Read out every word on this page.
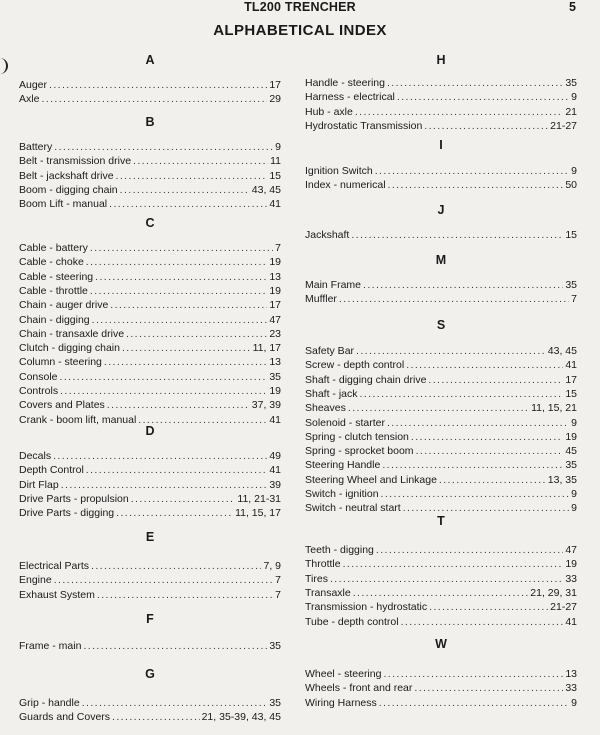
TL200 TRENCHER	5
ALPHABETICAL INDEX
A
Auger .....	17
Axle .....	29
B
Battery .....	9
Belt - transmission drive .....	11
Belt - jackshaft drive .....	15
Boom - digging chain .....	43, 45
Boom Lift - manual .....	41
C
Cable - battery .....	7
Cable - choke .....	19
Cable - steering .....	13
Cable - throttle .....	19
Chain - auger drive .....	17
Chain - digging .....	47
Chain - transaxle drive .....	23
Clutch - digging chain .....	11, 17
Column - steering .....	13
Console .....	35
Controls .....	19
Covers and Plates .....	37, 39
Crank - boom lift, manual .....	41
D
Decals .....	49
Depth Control .....	41
Dirt Flap .....	39
Drive Parts - propulsion .....	11, 21-31
Drive Parts - digging .....	11, 15, 17
E
Electrical Parts .....	7, 9
Engine .....	7
Exhaust System .....	7
F
Frame - main .....	35
G
Grip - handle .....	35
Guards and Covers .....	21, 35-39, 43, 45
H
Handle - steering .....	35
Harness - electrical .....	9
Hub - axle .....	21
Hydrostatic Transmission .....	21-27
I
Ignition Switch .....	9
Index - numerical .....	50
J
Jackshaft .....	15
M
Main Frame .....	35
Muffler .....	7
S
Safety Bar .....	43, 45
Screw - depth control .....	41
Shaft - digging chain drive .....	17
Shaft - jack .....	15
Sheaves .....	11, 15, 21
Solenoid - starter .....	9
Spring - clutch tension .....	19
Spring - sprocket boom .....	45
Steering Handle .....	35
Steering Wheel and Linkage .....	13, 35
Switch - ignition .....	9
Switch - neutral start .....	9
T
Teeth - digging .....	47
Throttle .....	19
Tires .....	33
Transaxle .....	21, 29, 31
Transmission - hydrostatic .....	21-27
Tube - depth control .....	41
W
Wheel - steering .....	13
Wheels - front and rear .....	33
Wiring Harness .....	9
